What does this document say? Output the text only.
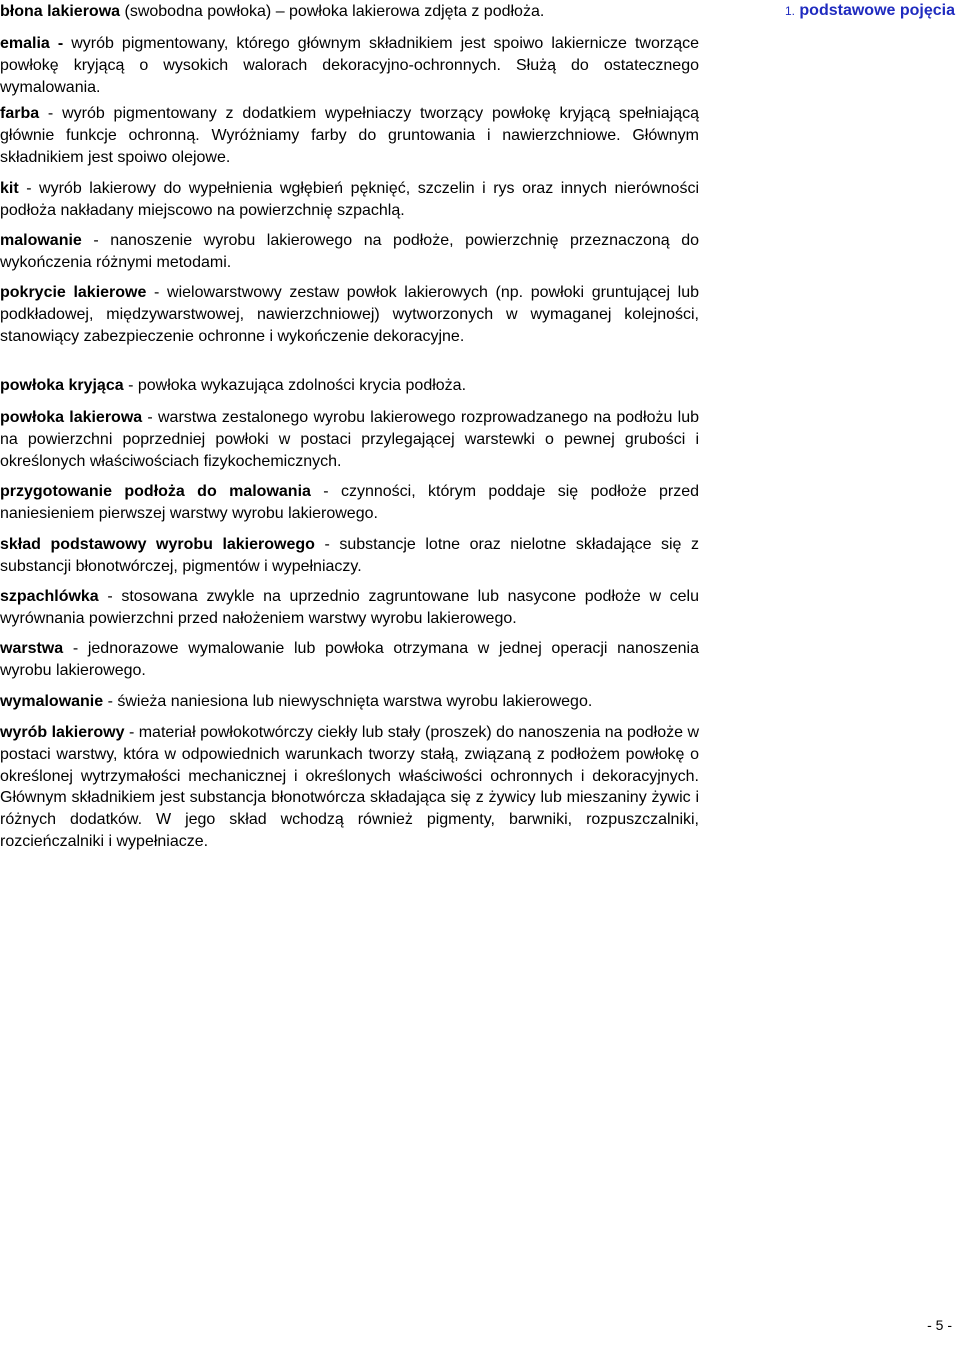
1. podstawowe pojęcia

błona lakierowa (swobodna powłoka) – powłoka lakierowa zdjęta z podłoża.

emalia - wyrób pigmentowany, którego głównym składnikiem jest spoiwo lakiernicze tworzące powłokę kryjącą o wysokich walorach dekoracyjno-ochronnych. Służą do ostatecznego wymalowania.

farba - wyrób pigmentowany z dodatkiem wypełniaczy tworzący powłokę kryjącą spełniającą głównie funkcje ochronną. Wyróżniamy farby do gruntowania i nawierzchniowe. Głównym składnikiem jest spoiwo olejowe.

kit - wyrób lakierowy do wypełnienia wgłębień pęknięć, szczelin i rys oraz innych nierówności podłoża nakładany miejscowo na powierzchnię szpachlą.

malowanie - nanoszenie wyrobu lakierowego na podłoże, powierzchnię przeznaczoną do wykończenia różnymi metodami.

pokrycie lakierowe - wielowarstwowy zestaw powłok lakierowych (np. powłoki gruntującej lub podkładowej, międzywarstwowej, nawierzchniowej) wytworzonych w wymaganej kolejności, stanowiący zabezpieczenie ochronne i wykończenie dekoracyjne.

powłoka kryjąca - powłoka wykazująca zdolności krycia podłoża.

powłoka lakierowa - warstwa zestalonego wyrobu lakierowego rozprowadzanego na podłożu lub na powierzchni poprzedniej powłoki w postaci przylegającej warstewki o pewnej grubości i określonych właściwościach fizykochemicznych.

przygotowanie podłoża do malowania - czynności, którym poddaje się podłoże przed naniesieniem pierwszej warstwy wyrobu lakierowego.

skład podstawowy wyrobu lakierowego - substancje lotne oraz nielotne składające się z substancji błonotwórczej, pigmentów i wypełniaczy.

szpachlówka - stosowana zwykle na uprzednio zagruntowane lub nasycone podłoże w celu wyrównania powierzchni przed nałożeniem warstwy wyrobu lakierowego.

warstwa - jednorazowe wymalowanie lub powłoka otrzymana w jednej operacji nanoszenia wyrobu lakierowego.

wymalowanie - świeża naniesiona lub niewyschnięta warstwa wyrobu lakierowego.

wyrób lakierowy - materiał powłokotwórczy ciekły lub stały (proszek) do nanoszenia na podłoże w postaci warstwy, która w odpowiednich warunkach tworzy stałą, związaną z podłożem powłokę o określonej wytrzymałości mechanicznej i określonych właściwości ochronnych i dekoracyjnych. Głównym składnikiem jest substancja błonotwórcza składająca się z żywicy lub mieszaniny żywic i różnych dodatków. W jego skład wchodzą również pigmenty, barwniki, rozpuszczalniki, rozcieńczalniki i wypełniacze.

- 5 -
